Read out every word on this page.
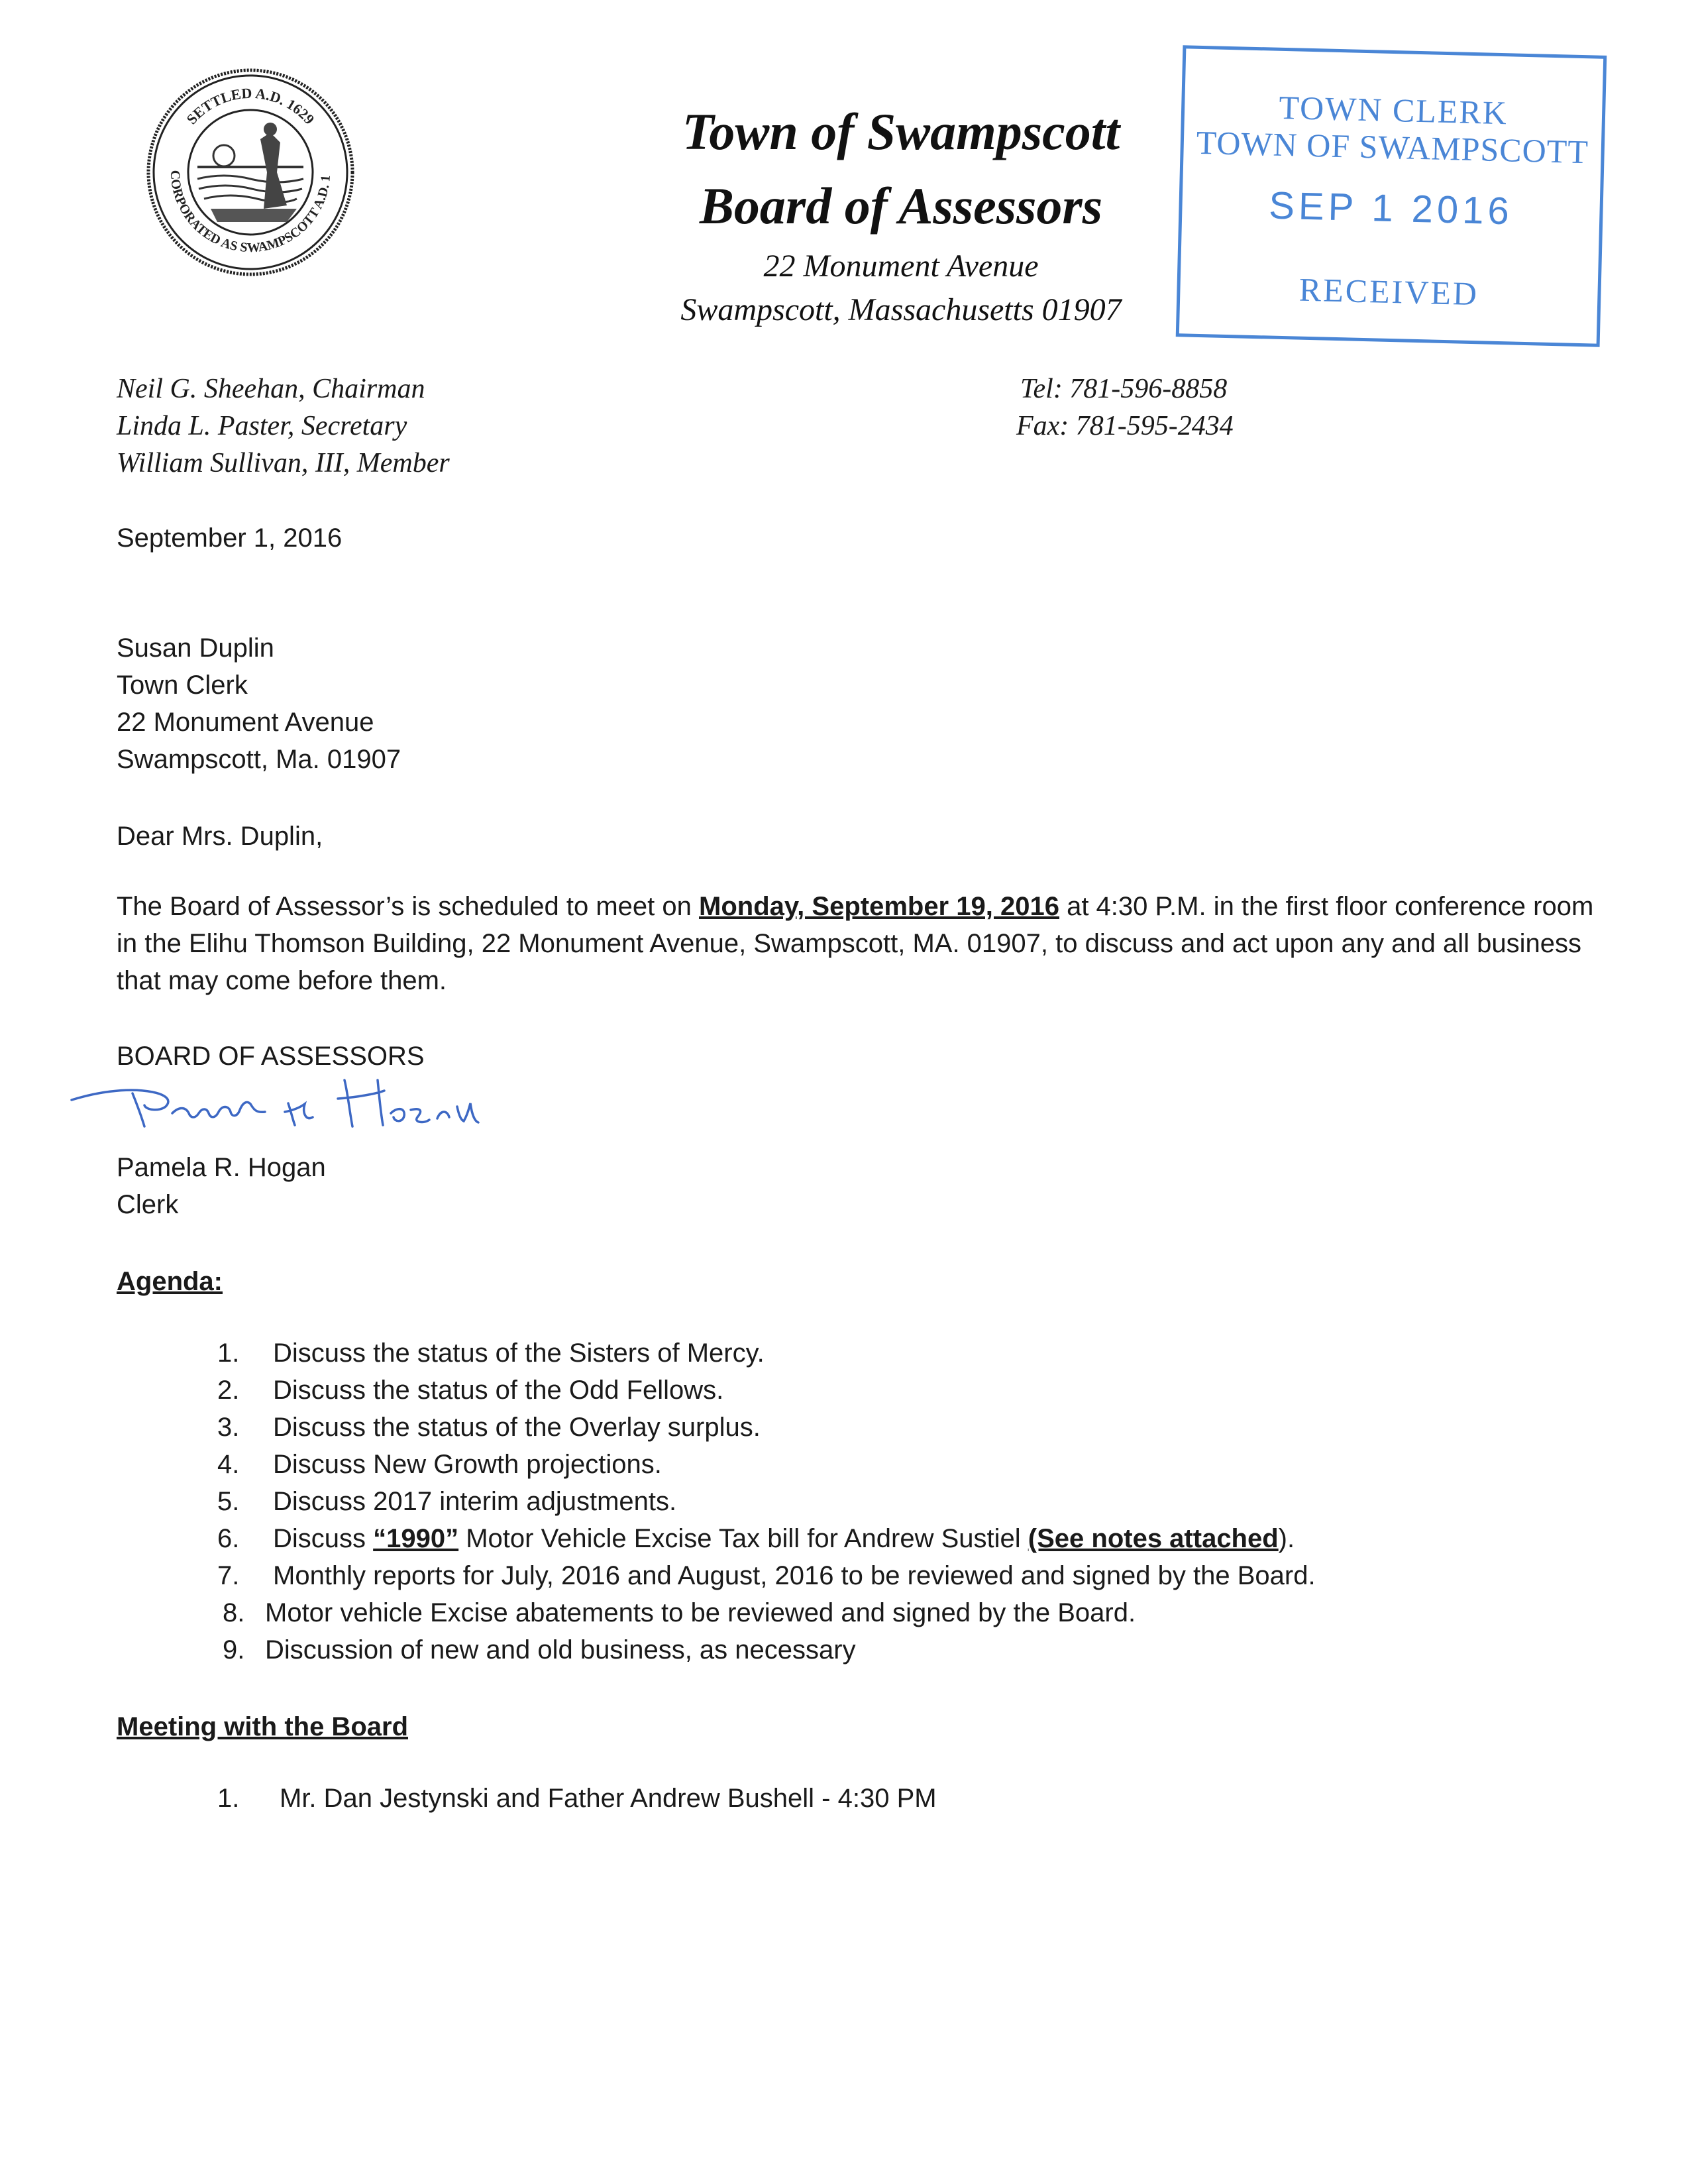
SETTLED A.D. 1629
CORPORATED AS SWAMPSCOTT A.D. 1
Town of Swampscott
Board of Assessors
22 Monument Avenue
Swampscott, Massachusetts 01907
TOWN CLERK
TOWN OF SWAMPSCOTT
SEP 1 2016
RECEIVED
Neil G. Sheehan, Chairman
Linda L. Paster, Secretary
William Sullivan, III, Member
Tel: 781-596-8858
Fax: 781-595-2434
September 1, 2016
Susan Duplin
Town Clerk
22 Monument Avenue
Swampscott, Ma. 01907
Dear Mrs. Duplin,
The Board of Assessor’s is scheduled to meet on Monday, September 19, 2016 at 4:30 P.M. in the first floor conference room in the Elihu Thomson Building, 22 Monument Avenue, Swampscott, MA. 01907, to discuss and act upon any and all business that may come before them.
BOARD OF ASSESSORS
Pamela R. Hogan
Clerk
Agenda:
1. Discuss the status of the Sisters of Mercy.
2. Discuss the status of the Odd Fellows.
3. Discuss the status of the Overlay surplus.
4. Discuss New Growth projections.
5. Discuss 2017 interim adjustments.
6. Discuss “1990” Motor Vehicle Excise Tax bill for Andrew Sustiel (See notes attached).
7. Monthly reports for July, 2016 and August, 2016 to be reviewed and signed by the Board.
8. Motor vehicle Excise abatements to be reviewed and signed by the Board.
9. Discussion of new and old business, as necessary
Meeting with the Board
1. Mr. Dan Jestynski and Father Andrew Bushell - 4:30 PM
